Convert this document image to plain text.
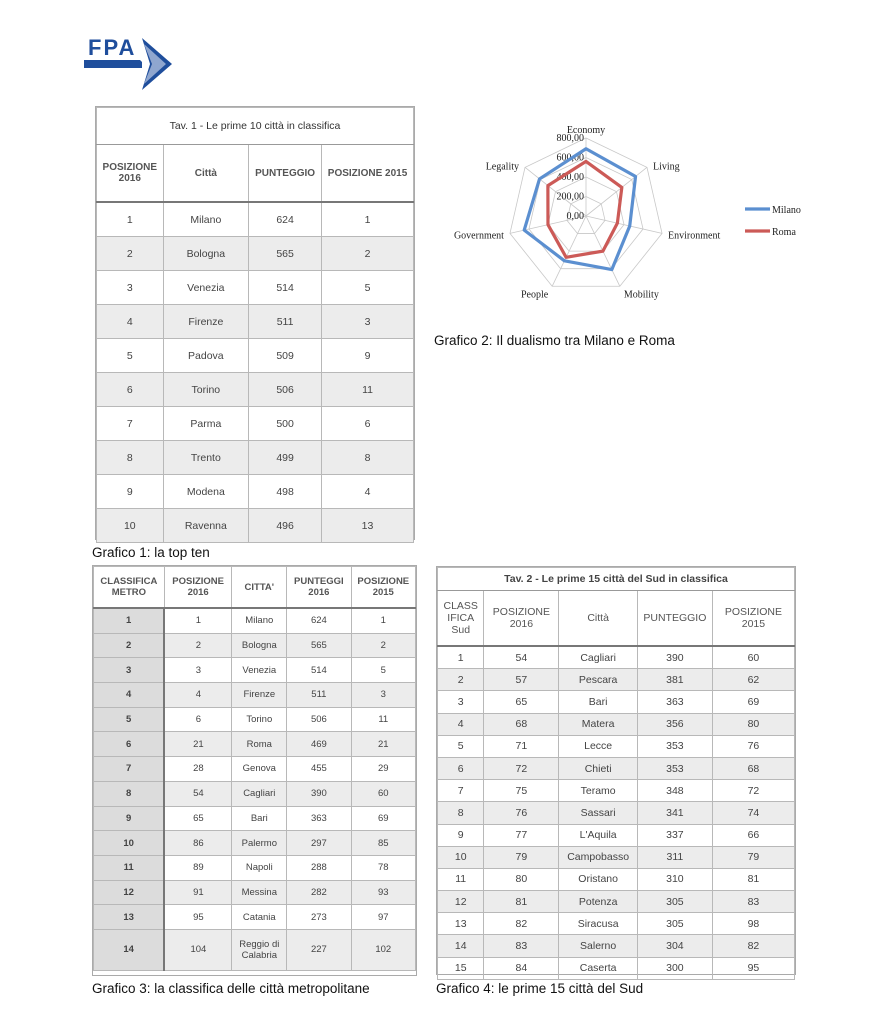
FPA
Tav. 1 - Le prime 10 città in classifica			
POSIZIONE 2016	Città	PUNTEGGIO	POSIZIONE 2015
1	Milano	624	1
2	Bologna	565	2
3	Venezia	514	5
4	Firenze	511	3
5	Padova	509	9
6	Torino	506	11
7	Parma	500	6
8	Trento	499	8
9	Modena	498	4
10	Ravenna	496	13
Grafico 1: la top ten
0,00
200,00
400,00
600,00
800,00
Economy
Living
Environment
Mobility
People
Government
Legality
Milano
Roma
Grafico 2: Il dualismo tra Milano e Roma
CLASSIFICA METRO	POSIZIONE 2016	CITTA'	PUNTEGGI 2016	POSIZIONE 2015
1	1	Milano	624	1
2	2	Bologna	565	2
3	3	Venezia	514	5
4	4	Firenze	511	3
5	6	Torino	506	11
6	21	Roma	469	21
7	28	Genova	455	29
8	54	Cagliari	390	60
9	65	Bari	363	69
10	86	Palermo	297	85
11	89	Napoli	288	78
12	91	Messina	282	93
13	95	Catania	273	97
14	104	Reggio di Calabria	227	102
Grafico 3: la classifica delle città metropolitane
Tav. 2 - Le prime 15 città del Sud in classifica				
CLASS IFICA Sud	POSIZIONE 2016	Città	PUNTEGGIO	POSIZIONE 2015
1	54	Cagliari	390	60
2	57	Pescara	381	62
3	65	Bari	363	69
4	68	Matera	356	80
5	71	Lecce	353	76
6	72	Chieti	353	68
7	75	Teramo	348	72
8	76	Sassari	341	74
9	77	L'Aquila	337	66
10	79	Campobasso	311	79
11	80	Oristano	310	81
12	81	Potenza	305	83
13	82	Siracusa	305	98
14	83	Salerno	304	82
15	84	Caserta	300	95
Grafico 4: le prime 15 città del Sud
